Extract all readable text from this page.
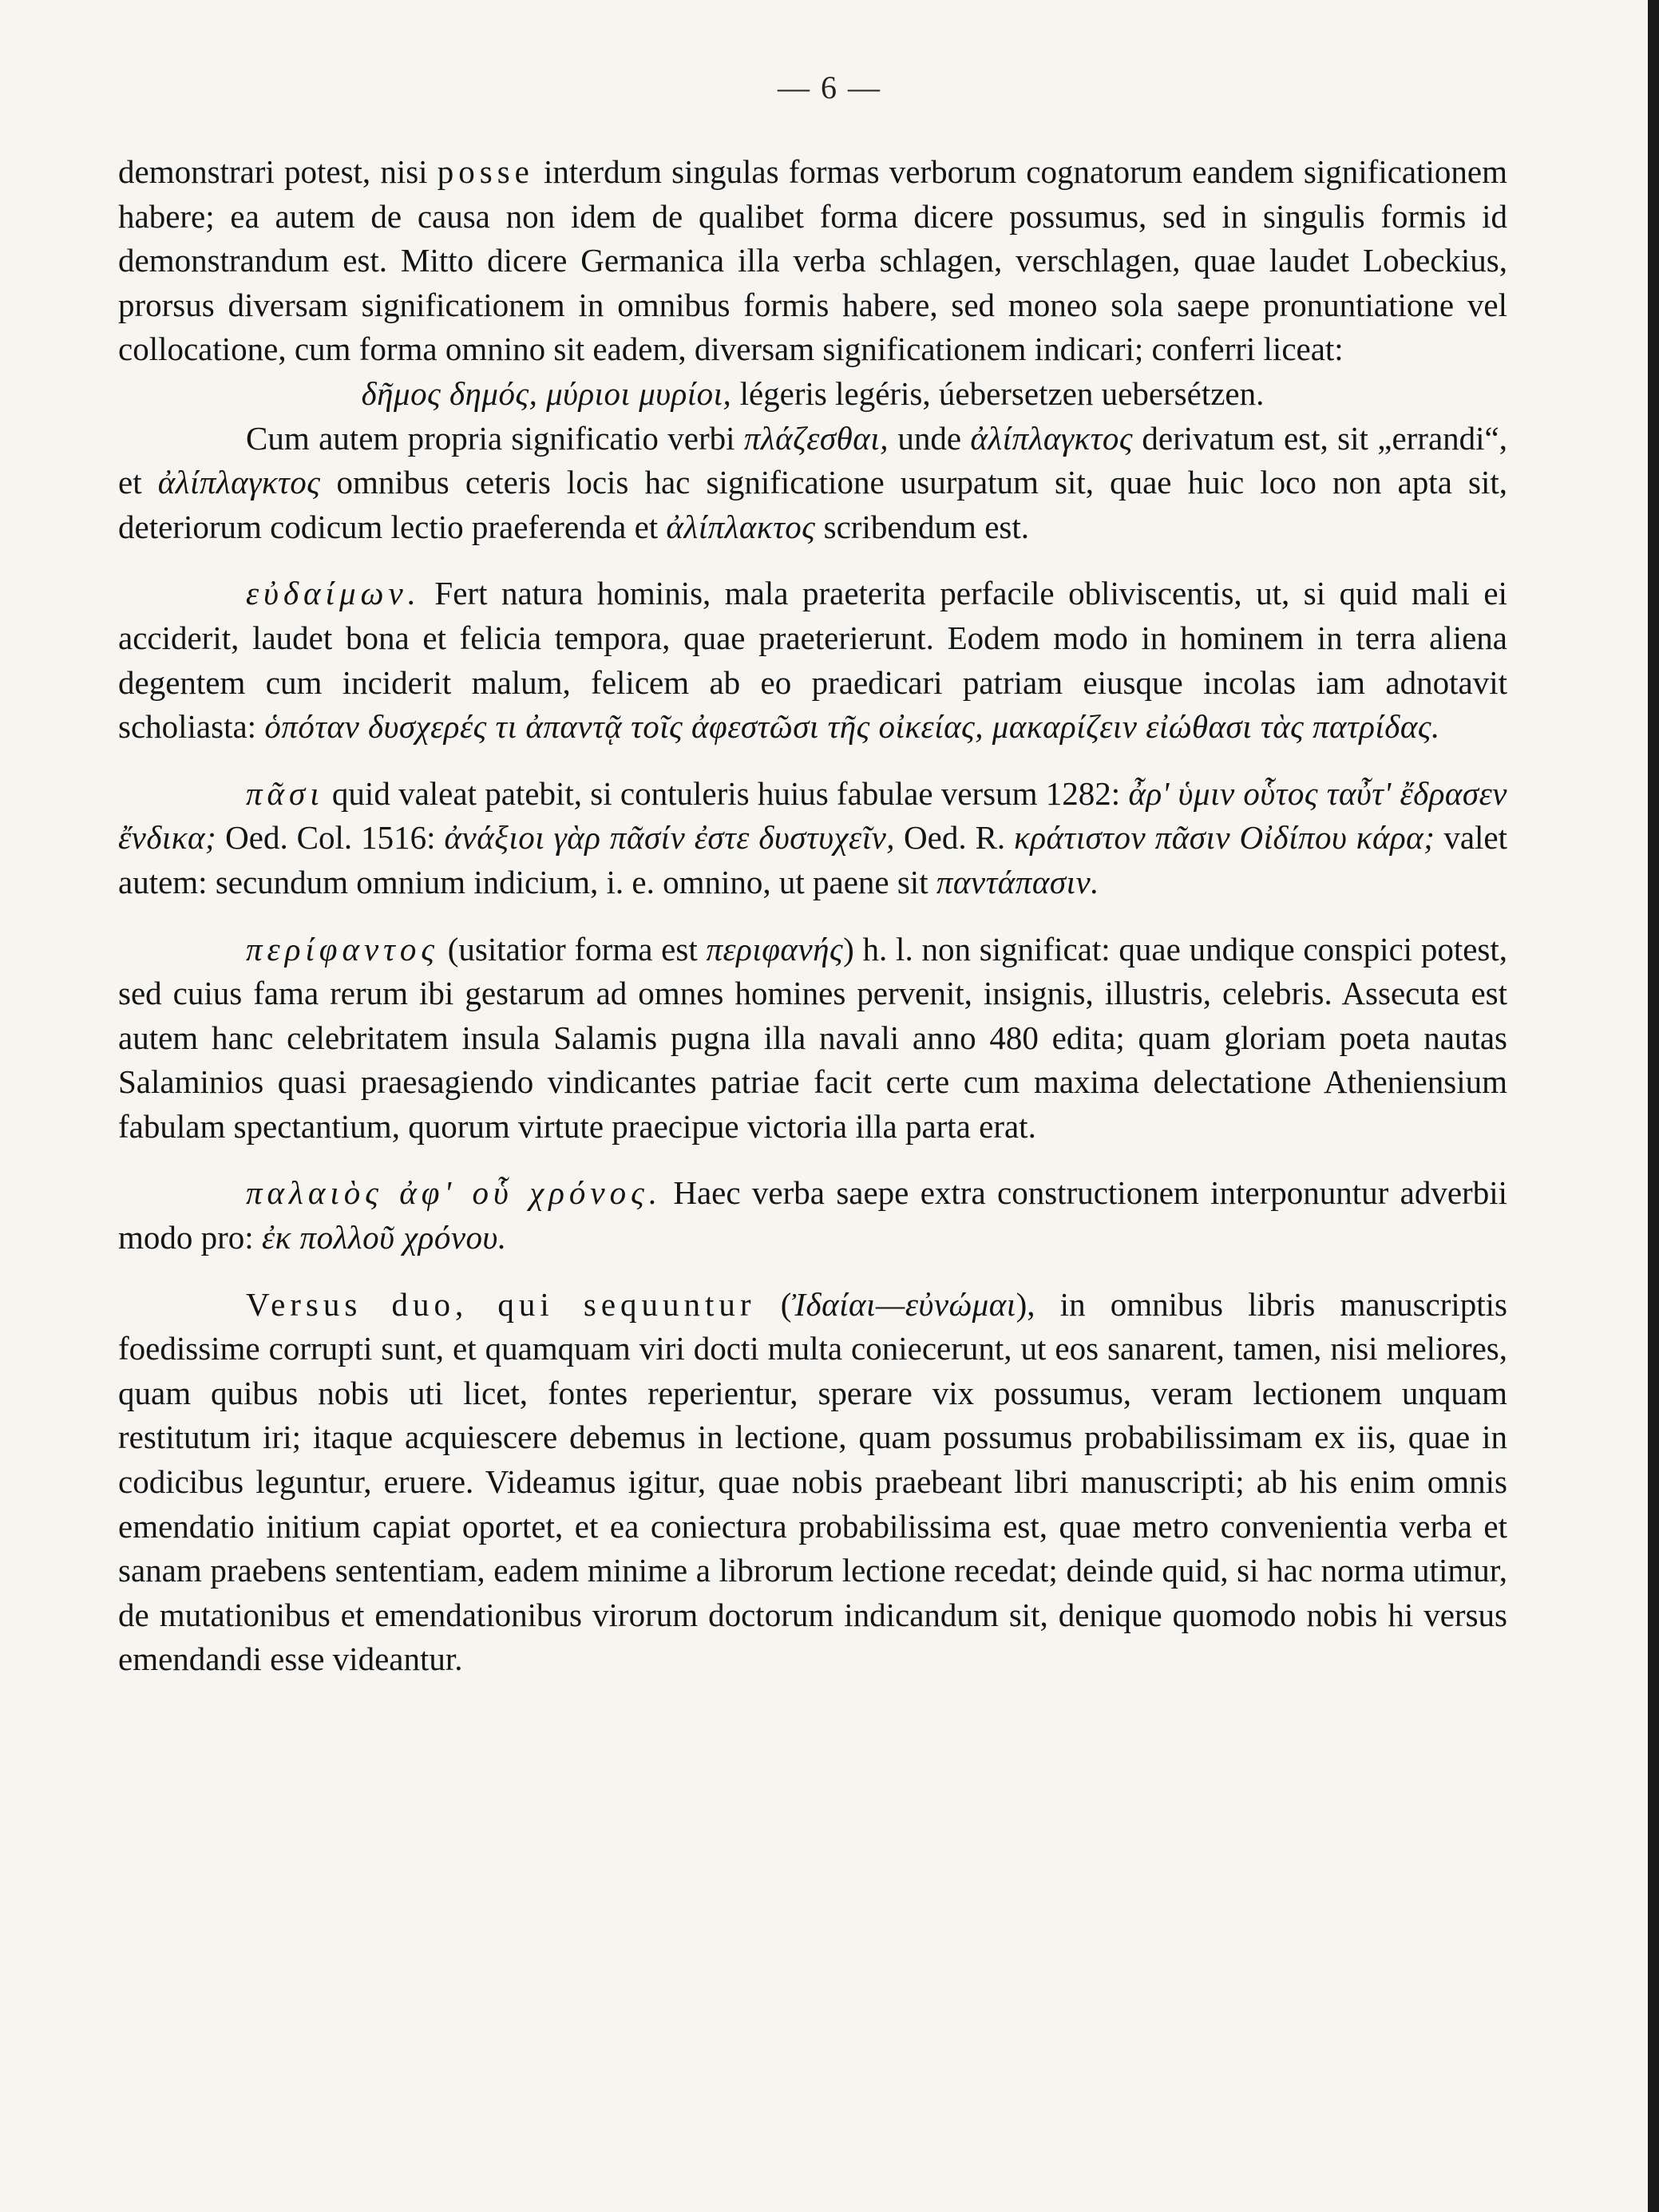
— 6 —

demonstrari potest, nisi posse interdum singulas formas verborum cognatorum eandem significationem habere; ea autem de causa non idem de qualibet forma dicere possumus, sed in singulis formis id demonstrandum est. Mitto dicere Germanica illa verba schlagen, verschlagen, quae laudet Lobeckius, prorsus diversam significationem in omnibus formis habere, sed moneo sola saepe pronuntiatione vel collocatione, cum forma omnino sit eadem, diversam significationem indicari; conferri liceat:

δῆμος δημός, μύριοι μυρίοι, légeris legéris, úebersetzen uebersétzen.

Cum autem propria significatio verbi πλάζεσθαι, unde ἀλίπλαγκτος derivatum est, sit „errandi“, et ἀλίπλαγκτος omnibus ceteris locis hac significatione usurpatum sit, quae huic loco non apta sit, deteriorum codicum lectio praeferenda et ἀλίπλακτος scribendum est.

εὐδαίμων. Fert natura hominis, mala praeterita perfacile obliviscentis, ut, si quid mali ei acciderit, laudet bona et felicia tempora, quae praeterierunt. Eodem modo in hominem in terra aliena degentem cum inciderit malum, felicem ab eo praedicari patriam eiusque incolas iam adnotavit scholiasta: ὁπόταν δυσχερές τι ἀπαντᾷ τοῖς ἀφεστῶσι τῆς οἰκείας, μακαρίζειν εἰώθασι τὰς πατρίδας.

πᾶσι quid valeat patebit, si contuleris huius fabulae versum 1282: ἆρ' ὑμιν οὗτος ταὖτ' ἔδρασεν ἔνδικα; Oed. Col. 1516: ἀνάξιοι γὰρ πᾶσίν ἐστε δυστυχεῖν, Oed. R. κράτιστον πᾶσιν Οἰδίπου κάρα; valet autem: secundum omnium indicium, i. e. omnino, ut paene sit παντάπασιν.

περίφαντος (usitatior forma est περιφανής) h. l. non significat: quae undique conspici potest, sed cuius fama rerum ibi gestarum ad omnes homines pervenit, insignis, illustris, celebris. Assecuta est autem hanc celebritatem insula Salamis pugna illa navali anno 480 edita; quam gloriam poeta nautas Salaminios quasi praesagiendo vindicantes patriae facit certe cum maxima delectatione Atheniensium fabulam spectantium, quorum virtute praecipue victoria illa parta erat.

παλαιὸς ἀφ' οὗ χρόνος. Haec verba saepe extra constructionem interponuntur adverbii modo pro: ἐκ πολλοῦ χρόνου.

Versus duo, qui sequuntur (Ἰδαίαι—εὐνώμαι), in omnibus libris manuscriptis foedissime corrupti sunt, et quamquam viri docti multa coniecerunt, ut eos sanarent, tamen, nisi meliores, quam quibus nobis uti licet, fontes reperientur, sperare vix possumus, veram lectionem unquam restitutum iri; itaque acquiescere debemus in lectione, quam possumus probabilissimam ex iis, quae in codicibus leguntur, eruere. Videamus igitur, quae nobis praebeant libri manuscripti; ab his enim omnis emendatio initium capiat oportet, et ea coniectura probabilissima est, quae metro convenientia verba et sanam praebens sententiam, eadem minime a librorum lectione recedat; deinde quid, si hac norma utimur, de mutationibus et emendationibus virorum doctorum indicandum sit, denique quomodo nobis hi versus emendandi esse videantur.
